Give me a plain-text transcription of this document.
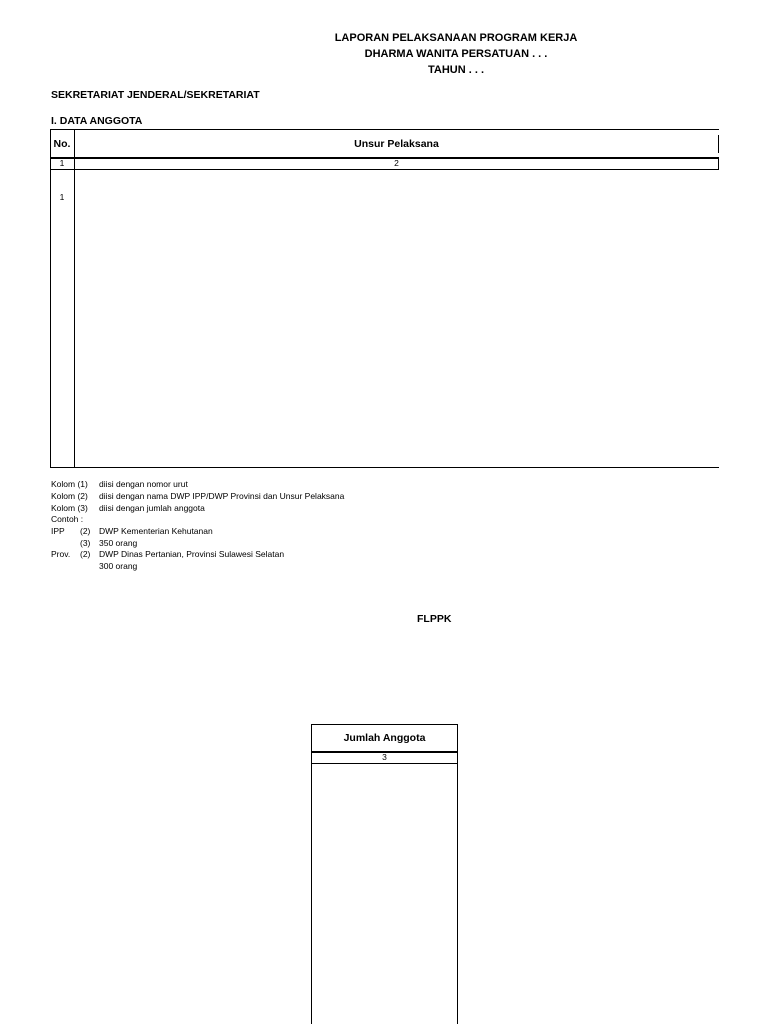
LAPORAN PELAKSANAAN PROGRAM KERJA
DHARMA WANITA PERSATUAN . . .
TAHUN . . .
SEKRETARIAT JENDERAL/SEKRETARIAT
I. DATA ANGGOTA
No.	Unsur Pelaksana
1	2
1
Kolom (1) diisi dengan nomor urut
Kolom (2) diisi dengan nama DWP IPP/DWP Provinsi dan Unsur Pelaksana
Kolom (3) diisi dengan jumlah anggota
Contoh :
IPP (2) DWP Kementerian Kehutanan
(3) 350 orang
Prov. (2) DWP Dinas Pertanian, Provinsi Sulawesi Selatan
300 orang
FLPPK
Jumlah Anggota
3
